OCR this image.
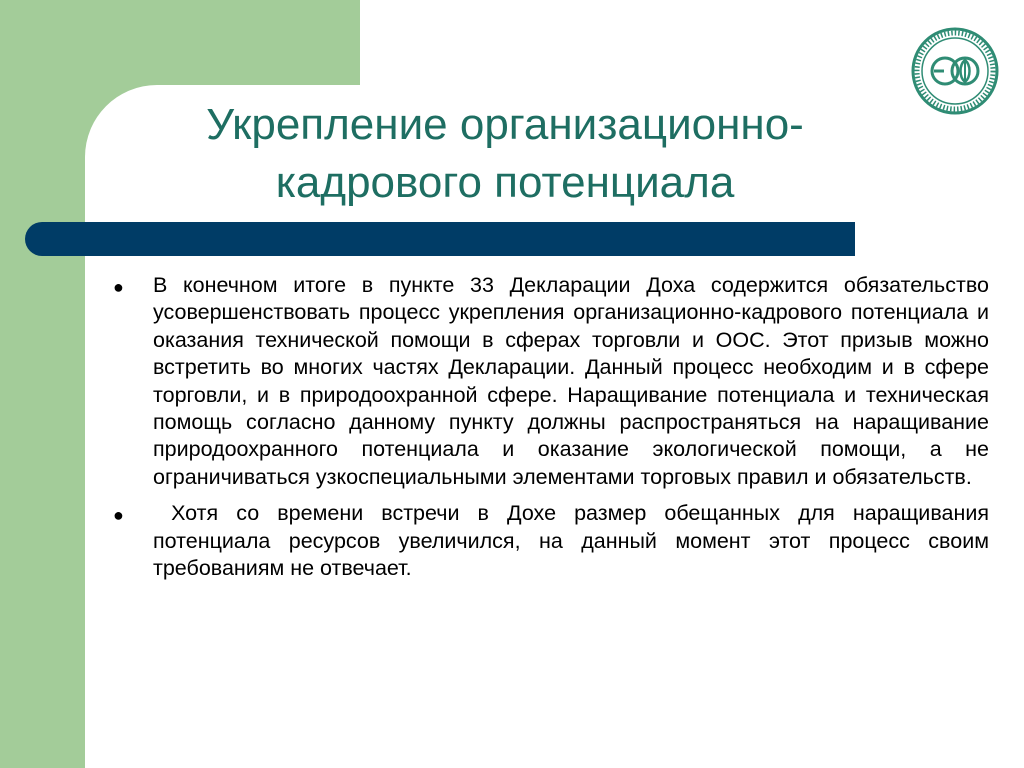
Укрепление организационно-
кадрового потенциала
● В конечном итоге в пункте 33 Декларации Доха содержится обязательство усовершенствовать процесс укрепления организационно-кадрового потенциала и оказания технической помощи в сферах торговли и ООС. Этот призыв можно встретить во многих частях Декларации. Данный процесс необходим и в сфере торговли, и в природоохранной сфере. Наращивание потенциала и техническая помощь согласно данному пункту должны распространяться на наращивание природоохранного потенциала и оказание экологической помощи, а не ограничиваться узкоспециальными элементами торговых правил и обязательств.
● Хотя со времени встречи в Дохе размер обещанных для наращивания потенциала ресурсов увеличился, на данный момент этот процесс своим требованиям не отвечает.
